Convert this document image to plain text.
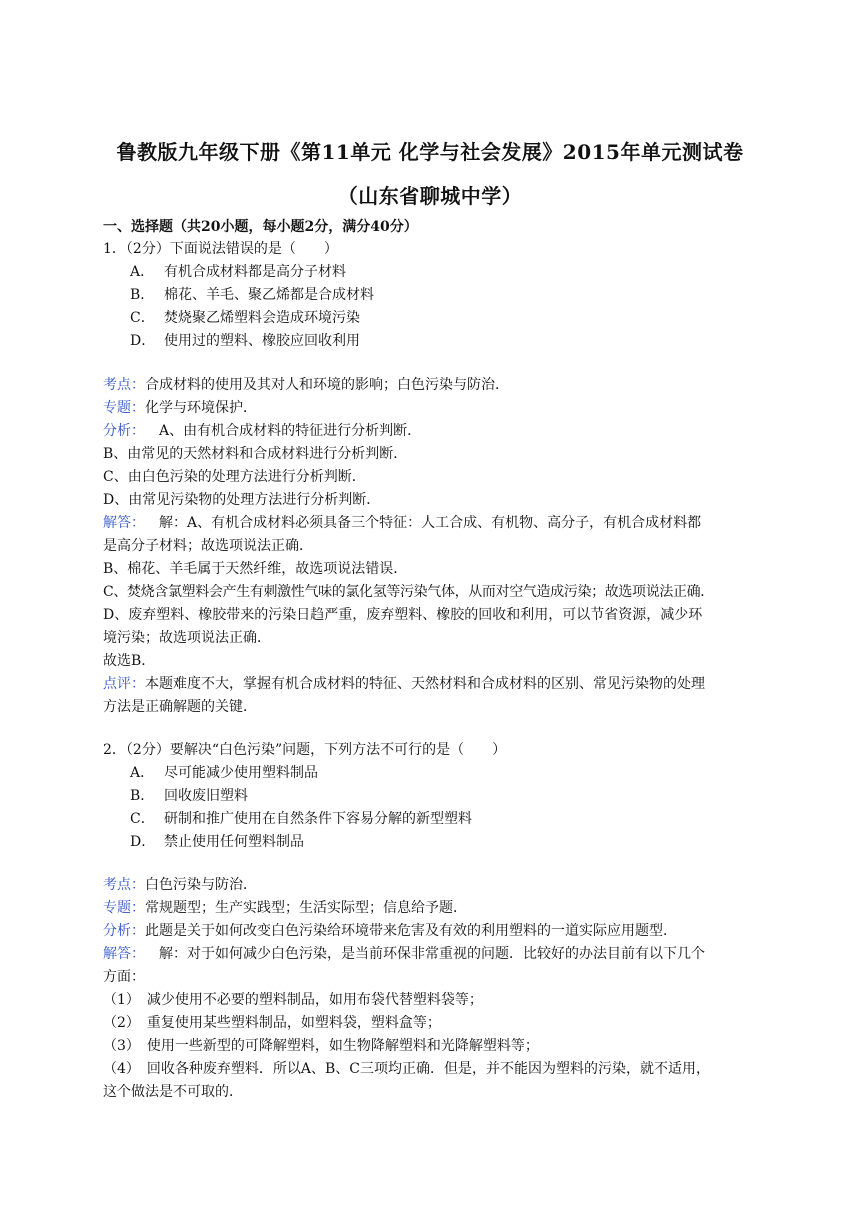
鲁教版九年级下册《第11单元 化学与社会发展》2015年单元测试卷
（山东省聊城中学）
一、选择题（共20小题，每小题2分，满分40分）
1．（2分）下面说法错误的是（　　）
A． 有机合成材料都是高分子材料
B． 棉花、羊毛、聚乙烯都是合成材料
C． 焚烧聚乙烯塑料会造成环境污染
D． 使用过的塑料、橡胶应回收利用
考点：合成材料的使用及其对人和环境的影响；白色污染与防治．
专题：化学与环境保护．
分析： A、由有机合成材料的特征进行分析判断．
B、由常见的天然材料和合成材料进行分析判断．
C、由白色污染的处理方法进行分析判断．
D、由常见污染物的处理方法进行分析判断．
解答： 解：A、有机合成材料必须具备三个特征：人工合成、有机物、高分子，有机合成材料都
是高分子材料；故选项说法正确．
B、棉花、羊毛属于天然纤维，故选项说法错误．
C、焚烧含氯塑料会产生有刺激性气味的氯化氢等污染气体，从而对空气造成污染；故选项说法正确．
D、废弃塑料、橡胶带来的污染日趋严重，废弃塑料、橡胶的回收和利用，可以节省资源，减少环
境污染；故选项说法正确．
故选B．
点评：本题难度不大，掌握有机合成材料的特征、天然材料和合成材料的区别、常见污染物的处理
方法是正确解题的关键．
2．（2分）要解决“白色污染”问题，下列方法不可行的是（　　）
A． 尽可能减少使用塑料制品
B． 回收废旧塑料
C． 研制和推广使用在自然条件下容易分解的新型塑料
D． 禁止使用任何塑料制品
考点：白色污染与防治．
专题：常规题型；生产实践型；生活实际型；信息给予题．
分析：此题是关于如何改变白色污染给环境带来危害及有效的利用塑料的一道实际应用题型．
解答： 解：对于如何减少白色污染，是当前环保非常重视的问题．比较好的办法目前有以下几个
方面：
（1）　减少使用不必要的塑料制品，如用布袋代替塑料袋等；
（2）　重复使用某些塑料制品，如塑料袋，塑料盒等；
（3）　使用一些新型的可降解塑料，如生物降解塑料和光降解塑料等；
（4）　回收各种废弃塑料．所以A、B、C三项均正确．但是，并不能因为塑料的污染，就不适用，
这个做法是不可取的．
